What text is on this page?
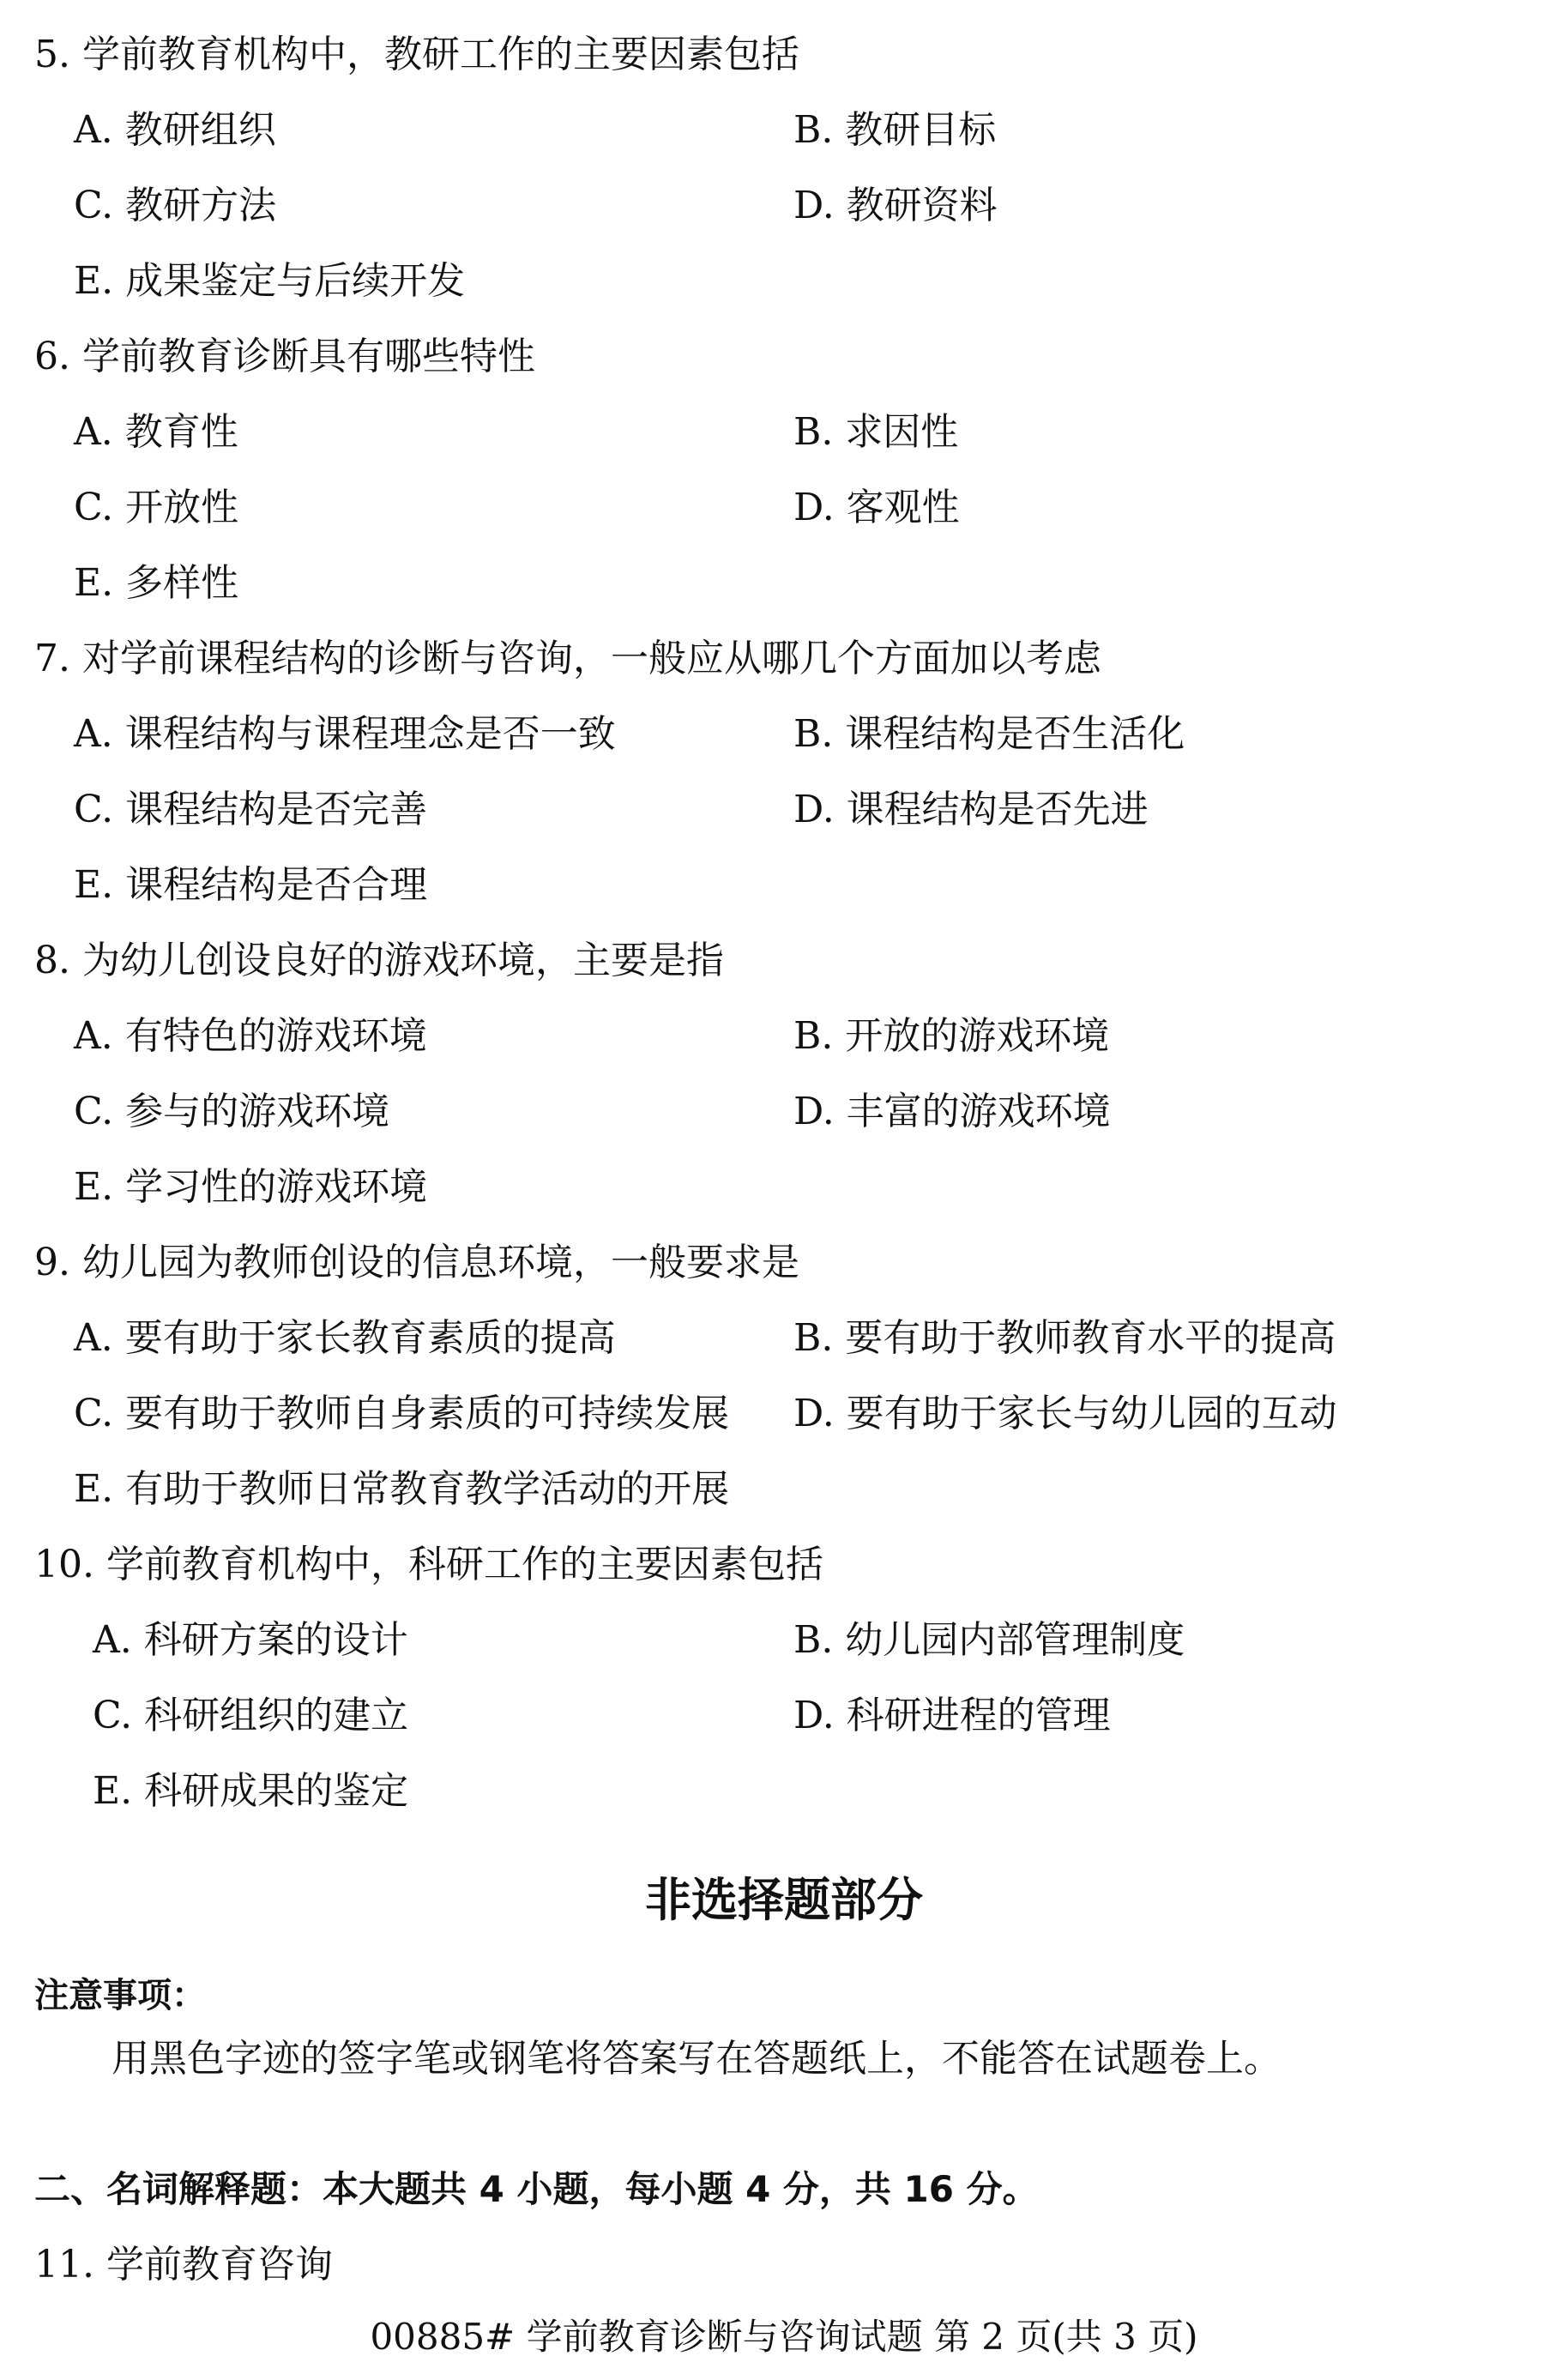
5. 学前教育机构中，教研工作的主要因素包括
A. 教研组织	B. 教研目标
C. 教研方法	D. 教研资料
E. 成果鉴定与后续开发
6. 学前教育诊断具有哪些特性
A. 教育性	B. 求因性
C. 开放性	D. 客观性
E. 多样性
7. 对学前课程结构的诊断与咨询，一般应从哪几个方面加以考虑
A. 课程结构与课程理念是否一致	B. 课程结构是否生活化
C. 课程结构是否完善	D. 课程结构是否先进
E. 课程结构是否合理
8. 为幼儿创设良好的游戏环境，主要是指
A. 有特色的游戏环境	B. 开放的游戏环境
C. 参与的游戏环境	D. 丰富的游戏环境
E. 学习性的游戏环境
9. 幼儿园为教师创设的信息环境，一般要求是
A. 要有助于家长教育素质的提高	B. 要有助于教师教育水平的提高
C. 要有助于教师自身素质的可持续发展 D. 要有助于家长与幼儿园的互动
E. 有助于教师日常教育教学活动的开展
10. 学前教育机构中，科研工作的主要因素包括
A. 科研方案的设计	B. 幼儿园内部管理制度
C. 科研组织的建立	D. 科研进程的管理
E. 科研成果的鉴定
非选择题部分
注意事项：
用黑色字迹的签字笔或钢笔将答案写在答题纸上，不能答在试题卷上。
二、名词解释题：本大题共 4 小题，每小题 4 分，共 16 分。
11. 学前教育咨询
00885# 学前教育诊断与咨询试题 第 2 页(共 3 页)
